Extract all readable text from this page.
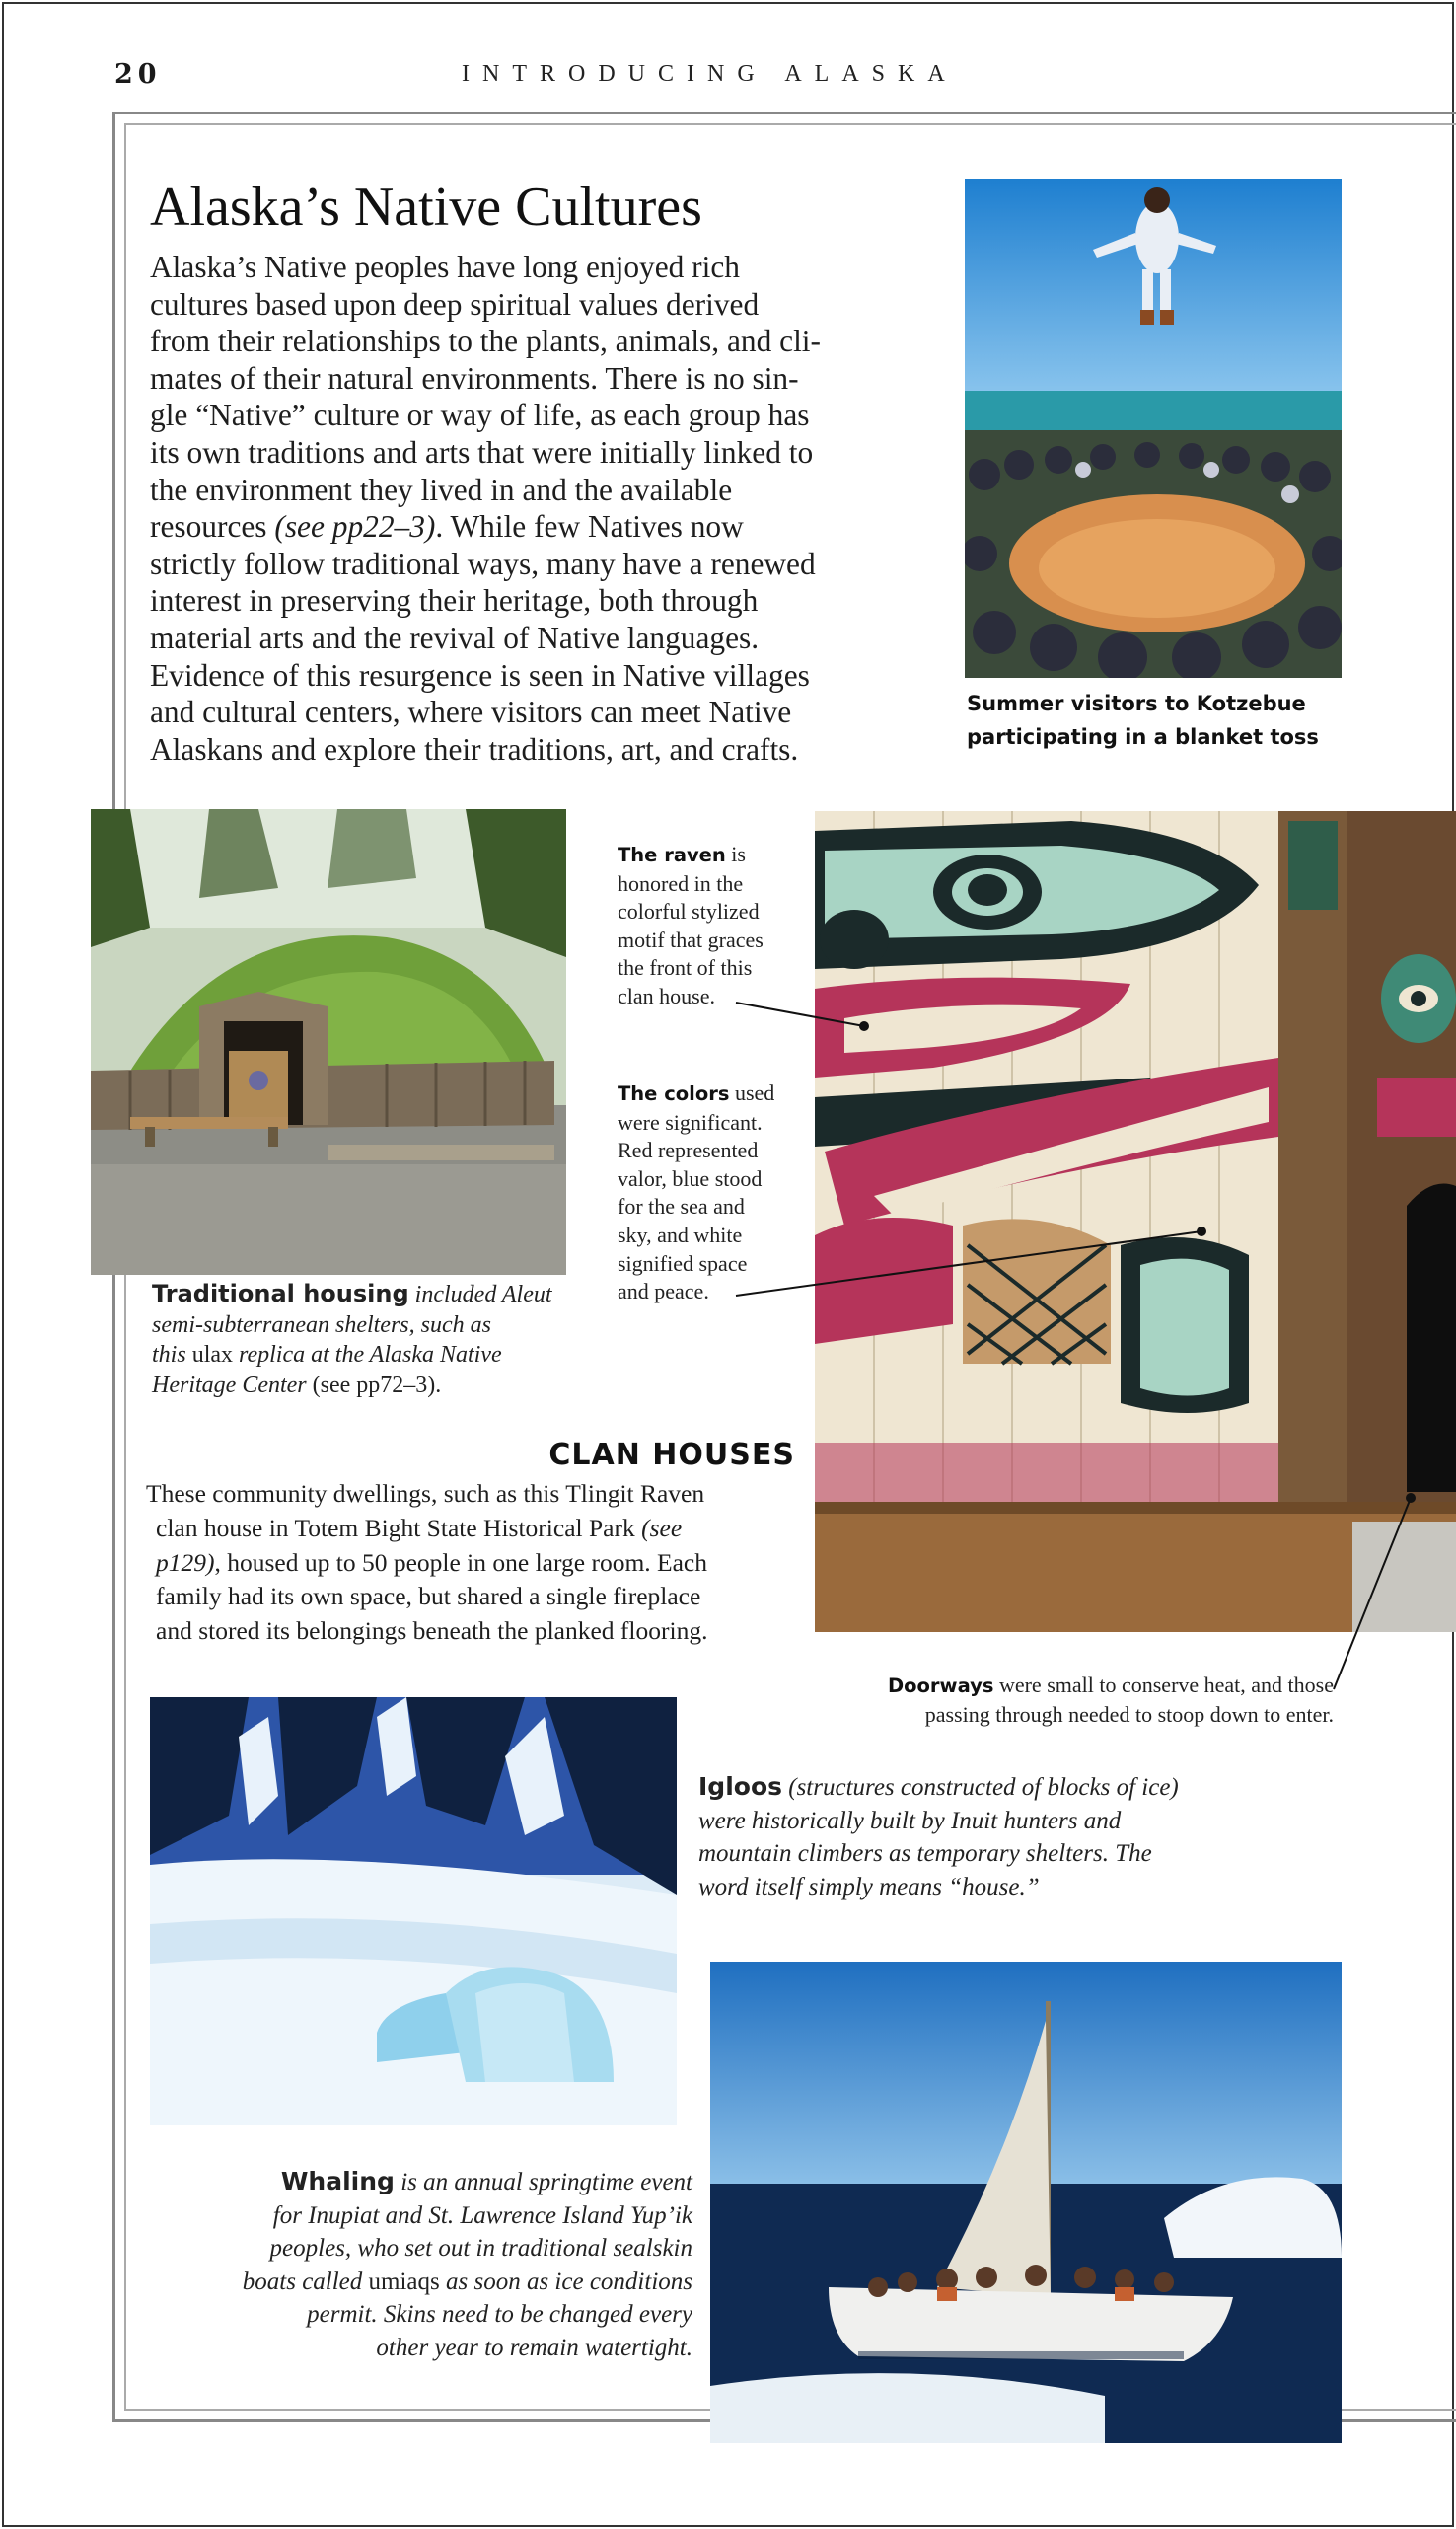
20	INTRODUCING ALASKA
Summer visitors to Kotzebue
participating in a blanket toss
Alaska’s Native Cultures
Alaska’s Native peoples have long enjoyed rich
cultures based upon deep spiritual values derived
from their relationships to the plants, animals, and cli-
mates of their natural environments. There is no sin-
gle “Native” culture or way of life, as each group has
its own traditions and arts that were initially linked to
the environment they lived in and the available
resources (see pp22–3). While few Natives now
strictly follow traditional ways, many have a renewed
interest in preserving their heritage, both through
material arts and the revival of Native languages.
Evidence of this resurgence is seen in Native villages
and cultural centers, where visitors can meet Native
Alaskans and explore their traditions, art, and crafts.
Traditional housing included Aleut
semi-subterranean shelters, such as
this ulax replica at the Alaska Native
Heritage Center (see pp72–3).
The raven is
honored in the
colorful stylized
motif that graces
the front of this
clan house.
The colors used
were significant.
Red represented
valor, blue stood
for the sea and
sky, and white
signified space
and peace.
Doorways were small to conserve heat, and those
passing through needed to stoop down to enter.
CLAN HOUSES
These community dwellings, such as this Tlingit Raven
clan house in Totem Bight State Historical Park (see
p129), housed up to 50 people in one large room. Each
family had its own space, but shared a single fireplace
and stored its belongings beneath the planked flooring.
Igloos (structures constructed of blocks of ice)
were historically built by Inuit hunters and
mountain climbers as temporary shelters. The
word itself simply means “house.”
Whaling is an annual springtime event
for Inupiat and St. Lawrence Island Yup’ik
peoples, who set out in traditional sealskin
boats called umiaqs as soon as ice conditions
permit. Skins need to be changed every
other year to remain watertight.
